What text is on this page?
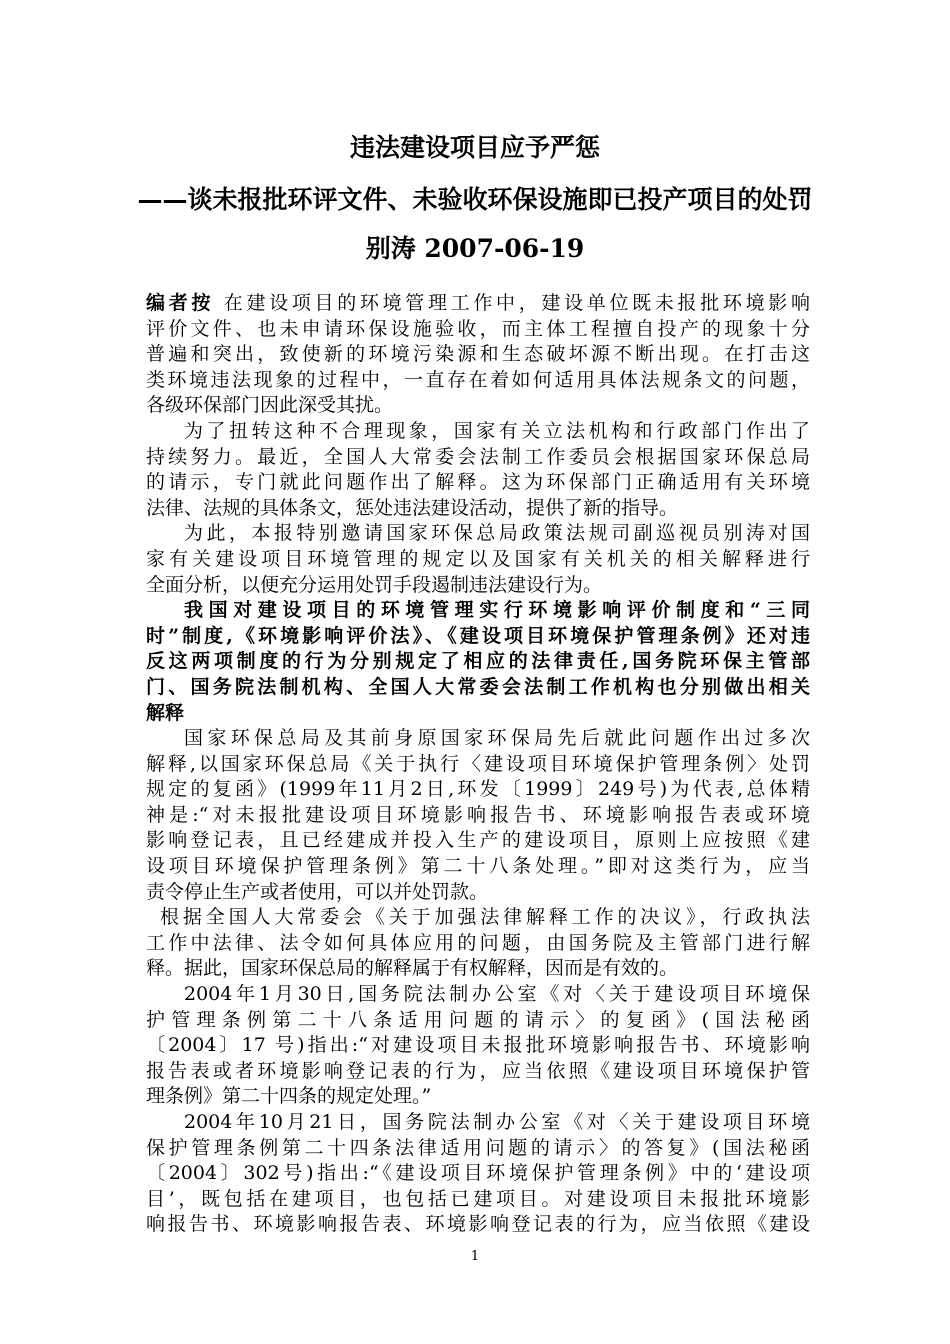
违法建设项目应予严惩
——谈未报批环评文件、未验收环保设施即已投产项目的处罚
别涛 2007-06-19
编者按 在建设项目的环境管理工作中，建设单位既未报批环境影响
评价文件、也未申请环保设施验收，而主体工程擅自投产的现象十分
普遍和突出，致使新的环境污染源和生态破坏源不断出现。在打击这
类环境违法现象的过程中，一直存在着如何适用具体法规条文的问题，
各级环保部门因此深受其扰。
为了扭转这种不合理现象，国家有关立法机构和行政部门作出了
持续努力。最近，全国人大常委会法制工作委员会根据国家环保总局
的请示，专门就此问题作出了解释。这为环保部门正确适用有关环境
法律、法规的具体条文，惩处违法建设活动，提供了新的指导。
为此，本报特别邀请国家环保总局政策法规司副巡视员别涛对国
家有关建设项目环境管理的规定以及国家有关机关的相关解释进行
全面分析，以便充分运用处罚手段遏制违法建设行为。
我国对建设项目的环境管理实行环境影响评价制度和“三同
时”制度,《环境影响评价法》、《建设项目环境保护管理条例》还对违
反这两项制度的行为分别规定了相应的法律责任,国务院环保主管部
门、国务院法制机构、全国人大常委会法制工作机构也分别做出相关
解释
国家环保总局及其前身原国家环保局先后就此问题作出过多次
解释,以国家环保总局《关于执行〈建设项目环境保护管理条例〉处罚
规定的复函》(1999年11月2日,环发〔1999〕249号)为代表,总体精
神是:“对未报批建设项目环境影响报告书、环境影响报告表或环境
影响登记表，且已经建成并投入生产的建设项目，原则上应按照《建
设项目环境保护管理条例》第二十八条处理。”即对这类行为，应当
责令停止生产或者使用，可以并处罚款。
根据全国人大常委会《关于加强法律解释工作的决议》，行政执法
工作中法律、法令如何具体应用的问题，由国务院及主管部门进行解
释。据此，国家环保总局的解释属于有权解释，因而是有效的。
2004年1月30日,国务院法制办公室《对〈关于建设项目环境保
护管理条例第二十八条适用问题的请示〉的复函》(国法秘函
〔2004〕17 号)指出:“对建设项目未报批环境影响报告书、环境影响
报告表或者环境影响登记表的行为，应当依照《建设项目环境保护管
理条例》第二十四条的规定处理。”
2004年10月21日，国务院法制办公室《对〈关于建设项目环境
保护管理条例第二十四条法律适用问题的请示〉的答复》(国法秘函
〔2004〕302号)指出:“《建设项目环境保护管理条例》中的‘建设项
目’，既包括在建项目，也包括已建项目。对建设项目未报批环境影
响报告书、环境影响报告表、环境影响登记表的行为，应当依照《建设
1
